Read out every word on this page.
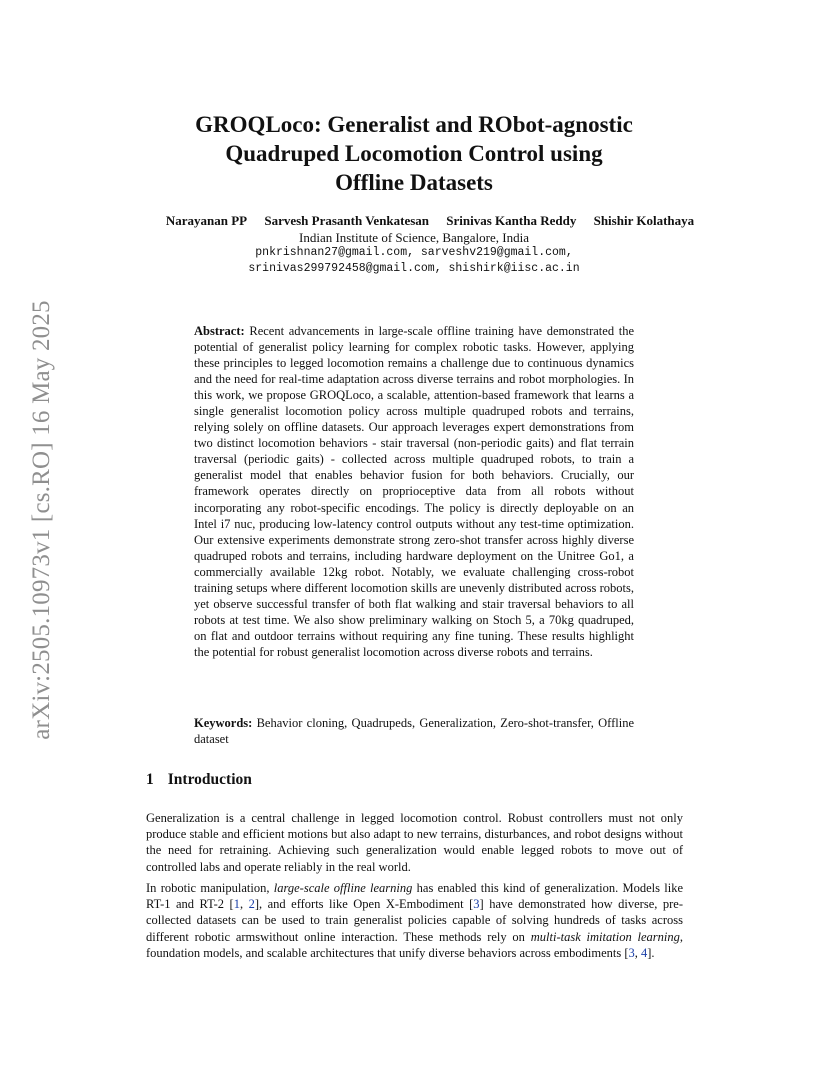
arXiv:2505.10973v1 [cs.RO] 16 May 2025
GROQLoco: Generalist and RObot-agnostic
Quadruped Locomotion Control using
Offline Datasets
Narayanan PP Sarvesh Prasanth Venkatesan Srinivas Kantha Reddy Shishir Kolathaya
Indian Institute of Science, Bangalore, India
pnkrishnan27@gmail.com, sarveshv219@gmail.com,
srinivas299792458@gmail.com, shishirk@iisc.ac.in

Abstract: Recent advancements in large-scale offline training have demonstrated the potential of generalist policy learning for complex robotic tasks. However, applying these principles to legged locomotion remains a challenge due to continuous dynamics and the need for real-time adaptation across diverse terrains and robot morphologies. In this work, we propose GROQLoco, a scalable, attention-based framework that learns a single generalist locomotion policy across multiple quadruped robots and terrains, relying solely on offline datasets. Our approach leverages expert demonstrations from two distinct locomotion behaviors - stair traversal (non-periodic gaits) and flat terrain traversal (periodic gaits) - collected across multiple quadruped robots, to train a generalist model that enables behavior fusion for both behaviors. Crucially, our framework operates directly on proprioceptive data from all robots without incorporating any robot-specific encodings. The policy is directly deployable on an Intel i7 nuc, producing low-latency control outputs without any test-time optimization. Our extensive experiments demonstrate strong zero-shot transfer across highly diverse quadruped robots and terrains, including hardware deployment on the Unitree Go1, a commercially available 12kg robot. Notably, we evaluate challenging cross-robot training setups where different locomotion skills are unevenly distributed across robots, yet observe successful transfer of both flat walking and stair traversal behaviors to all robots at test time. We also show preliminary walking on Stoch 5, a 70kg quadruped, on flat and outdoor terrains without requiring any fine tuning. These results highlight the potential for robust generalist locomotion across diverse robots and terrains.

Keywords: Behavior cloning, Quadrupeds, Generalization, Zero-shot-transfer, Offline dataset

1 Introduction

Generalization is a central challenge in legged locomotion control. Robust controllers must not only produce stable and efficient motions but also adapt to new terrains, disturbances, and robot designs without the need for retraining. Achieving such generalization would enable legged robots to move out of controlled labs and operate reliably in the real world.

In robotic manipulation, large-scale offline learning has enabled this kind of generalization. Models like RT-1 and RT-2 [1, 2], and efforts like Open X-Embodiment [3] have demonstrated how diverse, pre-collected datasets can be used to train generalist policies capable of solving hundreds of tasks across different robotic armswithout online interaction. These methods rely on multi-task imitation learning, foundation models, and scalable architectures that unify diverse behaviors across embodiments [3, 4].
